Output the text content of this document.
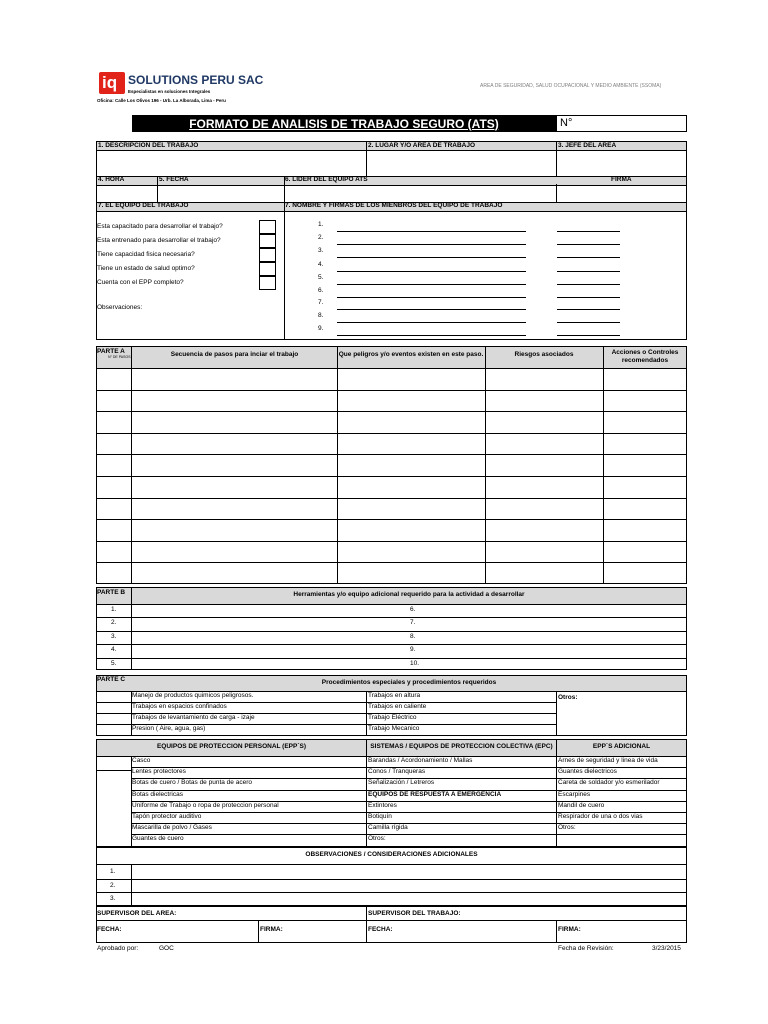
iq SOLUTIONS PERU SAC
Especialistas en soluciones Integrales
Oficina: Calle Los Olivos 196 - Urb. La Alborada, Lima - Peru
AREA DE SEGURIDAD, SALUD OCUPACIONAL Y MEDIO AMBIENTE (SSOMA)
FORMATO DE ANALISIS DE TRABAJO SEGURO (ATS)	N°
1. DESCRIPCION DEL TRABAJO	2. LUGAR Y/O AREA DE TRABAJO	3. JEFE DEL AREA
4. HORA	5. FECHA	6. LIDER DEL EQUIPO ATS	FIRMA
7. EL EQUIPO DEL TRABAJO	7. NOMBRE Y FIRMAS DE LOS MIENBROS DEL EQUIPO DE TRABAJO
Esta capacitado para desarrollar el trabajo?
Esta entrenado para desarrollar el trabajo?
Tiene capacidad fisica necesaria?
Tiene un estado de salud optimo?
Cuenta con el EPP completo?
Observaciones:
1.
2.
3.
4.
5.
6.
7.
8.
9.
PARTE A
N° DE PASOS	Secuencia de pasos para inciar el trabajo	Que peligros y/o eventos existen en este paso.	Riesgos asociados	Acciones o Controles recomendados
PARTE B	Herramientas y/o equipo adicional requerido para la actividad a desarrollar
1.	6.
2.	7.
3.	8.
4.	9.
5.	10.
PARTE C	Procedimientos especiales y procedimientos requeridos
Manejo de productos quimicos peligrosos.	Trabajos en altura
Trabajos en espacios confinados	Trabajos en caliente
Trabajos de levantamiento de carga - izaje	Trabajo Eléctrico
Presion ( Aire, agua, gas)	Trabajo Mecanico
Otros:
EQUIPOS DE PROTECCION PERSONAL (EPP´S)	SISTEMAS / EQUIPOS DE PROTECCION COLECTIVA (EPC)	EPP´S ADICIONAL
Casco	Barandas / Acordonamiento / Mallas	Arnes de seguridad y linea de vida
Lentes protectores	Conos / Tranqueras	Guantes dielectricos
Botas de cuero / Botas de punta de acero	Señalización / Letreros	Careta de soldador y/o esmerilador
Botas dielectricas	EQUIPOS DE RESPUESTA A EMERGENCIA	Escarpines
Uniforme de Trabajo o ropa de proteccion personal	Extintores	Mandil de cuero
Tapón protector auditivo	Botiquín	Respirador de una o dos vias
Mascarilla de polvo / Gases	Camilla rígida	Otros:
Guantes de cuero	Otros:
OBSERVACIONES / CONSIDERACIONES ADICIONALES
1.
2.
3.
SUPERVISOR DEL AREA:	SUPERVISOR DEL TRABAJO:
FECHA:	FIRMA:	FECHA:	FIRMA:
Aprobado por:	GOC	Fecha de Revisión:	3/23/2015
